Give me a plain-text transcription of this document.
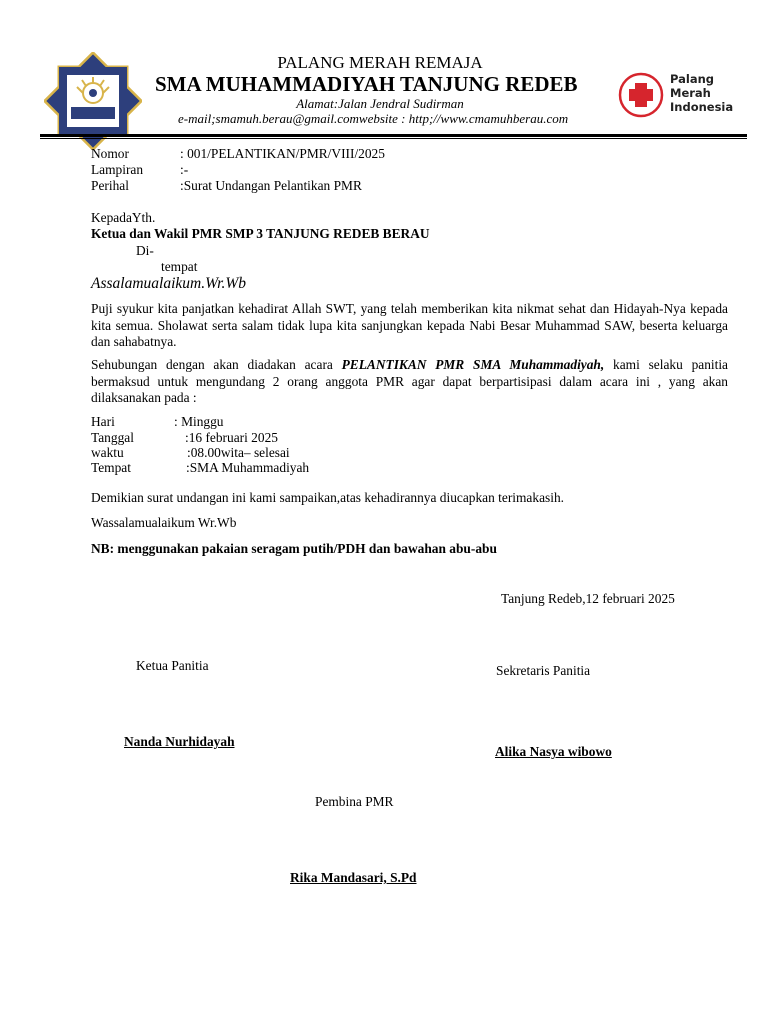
Palang
Merah
Indonesia
PALANG MERAH REMAJA
SMA MUHAMMADIYAH TANJUNG REDEB
Alamat:Jalan Jendral Sudirman
e-mail;smamuh.berau@gmail.comwebsite : http;//www.cmamuhberau.com
Nomor	: 001/PELANTIKAN/PMR/VIII/2025
Lampiran	:-
Perihal	:Surat Undangan Pelantikan PMR
KepadaYth.
Ketua dan Wakil PMR SMP 3 TANJUNG REDEB BERAU
Di-
tempat
Assalamualaikum.Wr.Wb
Puji syukur kita panjatkan kehadirat Allah SWT, yang telah memberikan kita nikmat sehat dan Hidayah-Nya kepada kita semua. Sholawat serta salam tidak lupa kita sanjungkan kepada Nabi Besar Muhammad SAW, beserta keluarga dan sahabatnya.
Sehubungan dengan akan diadakan acara PELANTIKAN PMR SMA Muhammadiyah, kami selaku panitia bermaksud untuk mengundang 2 orang anggota PMR agar dapat berpartisipasi dalam acara ini , yang akan dilaksanakan pada :
Hari	: Minggu
Tanggal	:16 februari 2025
waktu	:08.00wita– selesai
Tempat	:SMA Muhammadiyah
Demikian surat undangan ini kami sampaikan,atas kehadirannya diucapkan terimakasih.
Wassalamualaikum Wr.Wb
NB: menggunakan pakaian seragam putih/PDH dan bawahan abu-abu
Tanjung Redeb,12 februari 2025
Ketua Panitia	Sekretaris Panitia
Nanda Nurhidayah
Alika Nasya wibowo
Pembina PMR
Rika Mandasari, S.Pd
